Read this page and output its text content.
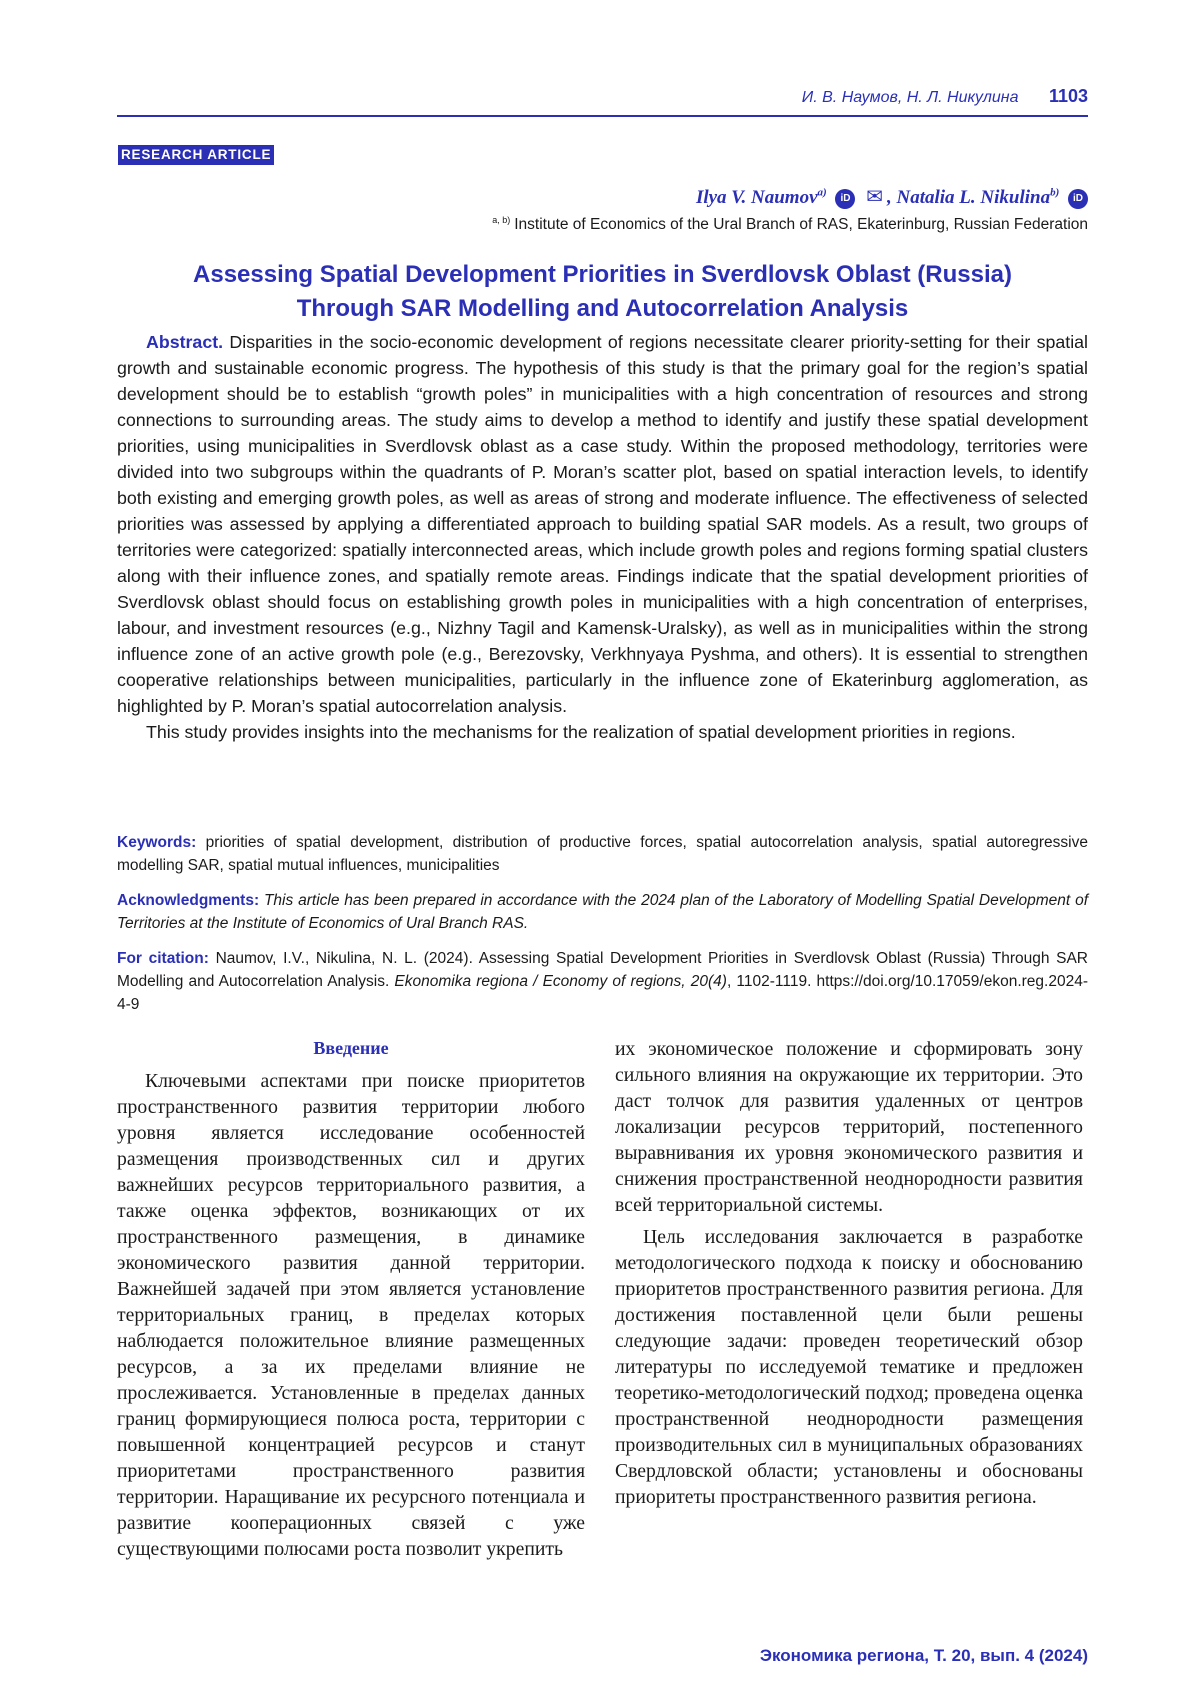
И. В. Наумов, Н. Л. Никулина 1103
RESEARCH ARTICLE
Ilya V. Naumov$^{a)}$ iD ✉ , Natalia L. Nikulina$^{b)}$ iD
$^{a, b)}$ Institute of Economics of the Ural Branch of RAS, Ekaterinburg, Russian Federation
Assessing Spatial Development Priorities in Sverdlovsk Oblast (Russia)
Through SAR Modelling and Autocorrelation Analysis

Abstract. Disparities in the socio-economic development of regions necessitate clearer priority-setting for their spatial growth and sustainable economic progress. The hypothesis of this study is that the primary goal for the region’s spatial development should be to establish “growth poles” in municipalities with a high concentration of resources and strong connections to surrounding areas. The study aims to develop a method to identify and justify these spatial development priorities, using municipalities in Sverdlovsk oblast as a case study. Within the proposed methodology, territories were divided into two subgroups within the quadrants of P. Moran’s scatter plot, based on spatial interaction levels, to identify both existing and emerging growth poles, as well as areas of strong and moderate influence. The effectiveness of selected priorities was assessed by applying a differentiated approach to building spatial SAR models. As a result, two groups of territories were categorized: spatially interconnected areas, which include growth poles and regions forming spatial clusters along with their influence zones, and spatially remote areas. Findings indicate that the spatial development priorities of Sverdlovsk oblast should focus on establishing growth poles in municipalities with a high concentration of enterprises, labour, and investment resources (e.g., Nizhny Tagil and Kamensk-Uralsky), as well as in municipalities within the strong influence zone of an active growth pole (e.g., Berezovsky, Verkhnyaya Pyshma, and others). It is essential to strengthen cooperative relationships between municipalities, particularly in the influence zone of Ekaterinburg agglomeration, as highlighted by P. Moran’s spatial autocorrelation analysis.

This study provides insights into the mechanisms for the realization of spatial development priorities in regions.

Keywords: priorities of spatial development, distribution of productive forces, spatial autocorrelation analysis, spatial autoregressive modelling SAR, spatial mutual influences, municipalities
Acknowledgments: This article has been prepared in accordance with the 2024 plan of the Laboratory of Modelling Spatial Development of Territories at the Institute of Economics of Ural Branch RAS.
For citation: Naumov, I.V., Nikulina, N. L. (2024). Assessing Spatial Development Priorities in Sverdlovsk Oblast (Russia) Through SAR Modelling and Autocorrelation Analysis. Ekonomika regiona / Economy of regions, 20(4), 1102-1119. https://doi.org/10.17059/ekon.reg.2024-4-9
Введение

Ключевыми аспектами при поиске приоритетов пространственного развития территории любого уровня является исследование особенностей размещения производственных сил и других важнейших ресурсов территориального развития, а также оценка эффектов, возникающих от их пространственного размещения, в динамике экономического развития данной территории. Важнейшей задачей при этом является установление территориальных границ, в пределах которых наблюдается положительное влияние размещенных ресурсов, а за их пределами влияние не прослеживается. Установленные в пределах данных границ формирующиеся полюса роста, территории с повышенной концентрацией ресурсов и станут приоритетами пространственного развития территории. Наращивание их ресурсного потенциала и развитие кооперационных связей с уже существующими полюсами роста позволит укрепить

их экономическое положение и сформировать зону сильного влияния на окружающие их территории. Это даст толчок для развития удаленных от центров локализации ресурсов территорий, постепенного выравнивания их уровня экономического развития и снижения пространственной неоднородности развития всей территориальной системы.

Цель исследования заключается в разработке методологического подхода к поиску и обоснованию приоритетов пространственного развития региона. Для достижения поставленной цели были решены следующие задачи: проведен теоретический обзор литературы по исследуемой тематике и предложен теоретико-методологический подход; проведена оценка пространственной неоднородности размещения производительных сил в муниципальных образованиях Свердловской области; установлены и обоснованы приоритеты пространственного развития региона.

Экономика региона, Т. 20, вып. 4 (2024)
